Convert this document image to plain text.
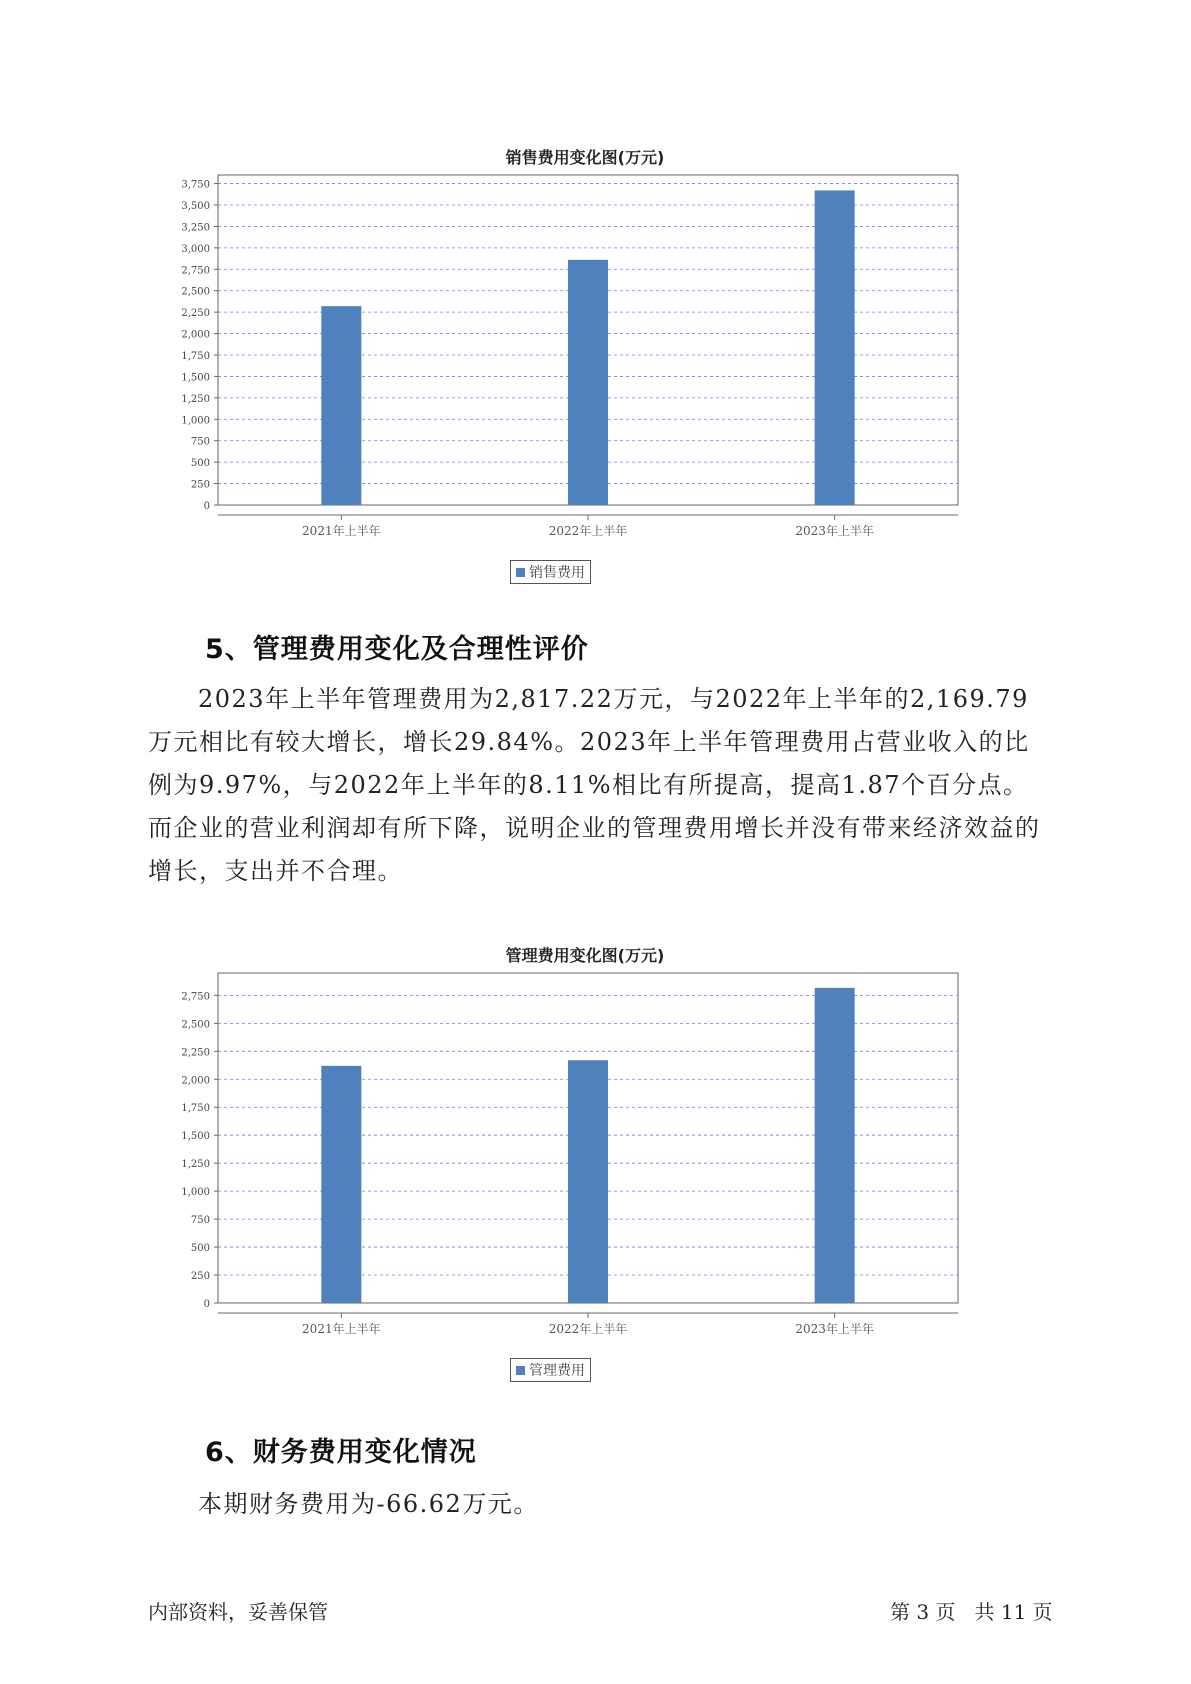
销售费用变化图(万元)
0
250
500
750
1,000
1,250
1,500
1,750
2,000
2,250
2,500
2,750
3,000
3,250
3,500
3,750
2021年上半年	2022年上半年	2023年上半年
销售费用
5、管理费用变化及合理性评价
2023年上半年管理费用为2,817.22万元，与2022年上半年的2,169.79万元相比有较大增长，增长29.84%。2023年上半年管理费用占营业收入的比例为9.97%，与2022年上半年的8.11%相比有所提高，提高1.87个百分点。而企业的营业利润却有所下降，说明企业的管理费用增长并没有带来经济效益的增长，支出并不合理。
管理费用变化图(万元)
0
250
500
750
1,000
1,250
1,500
1,750
2,000
2,250
2,500
2,750
2021年上半年	2022年上半年	2023年上半年
管理费用
6、财务费用变化情况
本期财务费用为-66.62万元。
内部资料，妥善保管	第 3 页   共 11 页
